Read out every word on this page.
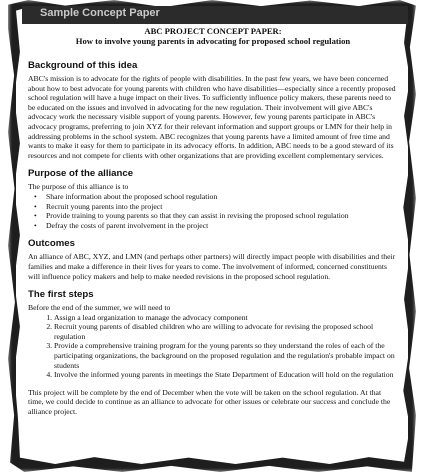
Sample Concept Paper

ABC PROJECT CONCEPT PAPER:

How to involve young parents in advocating for proposed school regulation

Background of this idea

ABC's mission is to advocate for the rights of people with disabilities. In the past few years, we have been concerned about how to best advocate for young parents with children who have disabilities—especially since a recently proposed school regulation will have a huge impact on their lives. To sufficiently influence policy makers, these parents need to be educated on the issues and involved in advocating for the new regulation. Their involvement will give ABC's advocacy work the necessary visible support of young parents. However, few young parents participate in ABC's advocacy programs, preferring to join XYZ for their relevant information and support groups or LMN for their help in addressing problems in the school system. ABC recognizes that young parents have a limited amount of free time and wants to make it easy for them to participate in its advocacy efforts. In addition, ABC needs to be a good steward of its resources and not compete for clients with other organizations that are providing excellent complementary services.

Purpose of the alliance

The purpose of this alliance is to

• Share information about the proposed school regulation
• Recruit young parents into the project
• Provide training to young parents so that they can assist in revising the proposed school regulation
• Defray the costs of parent involvement in the project
Outcomes

An alliance of ABC, XYZ, and LMN (and perhaps other partners) will directly impact people with disabilities and their families and make a difference in their lives for years to come. The involvement of informed, concerned constituents will influence policy makers and help to make needed revisions in the proposed school regulation.

The first steps

Before the end of the summer, we will need to

1. Assign a lead organization to manage the advocacy component
2. Recruit young parents of disabled children who are willing to advocate for revising the proposed school regulation
3. Provide a comprehensive training program for the young parents so they understand the roles of each of the participating organizations, the background on the proposed regulation and the regulation's probable impact on students
4. Involve the informed young parents in meetings the State Department of Education will hold on the regulation

This project will be complete by the end of December when the vote will be taken on the school regulation. At that time, we could decide to continue as an alliance to advocate for other issues or celebrate our success and conclude the alliance project.
